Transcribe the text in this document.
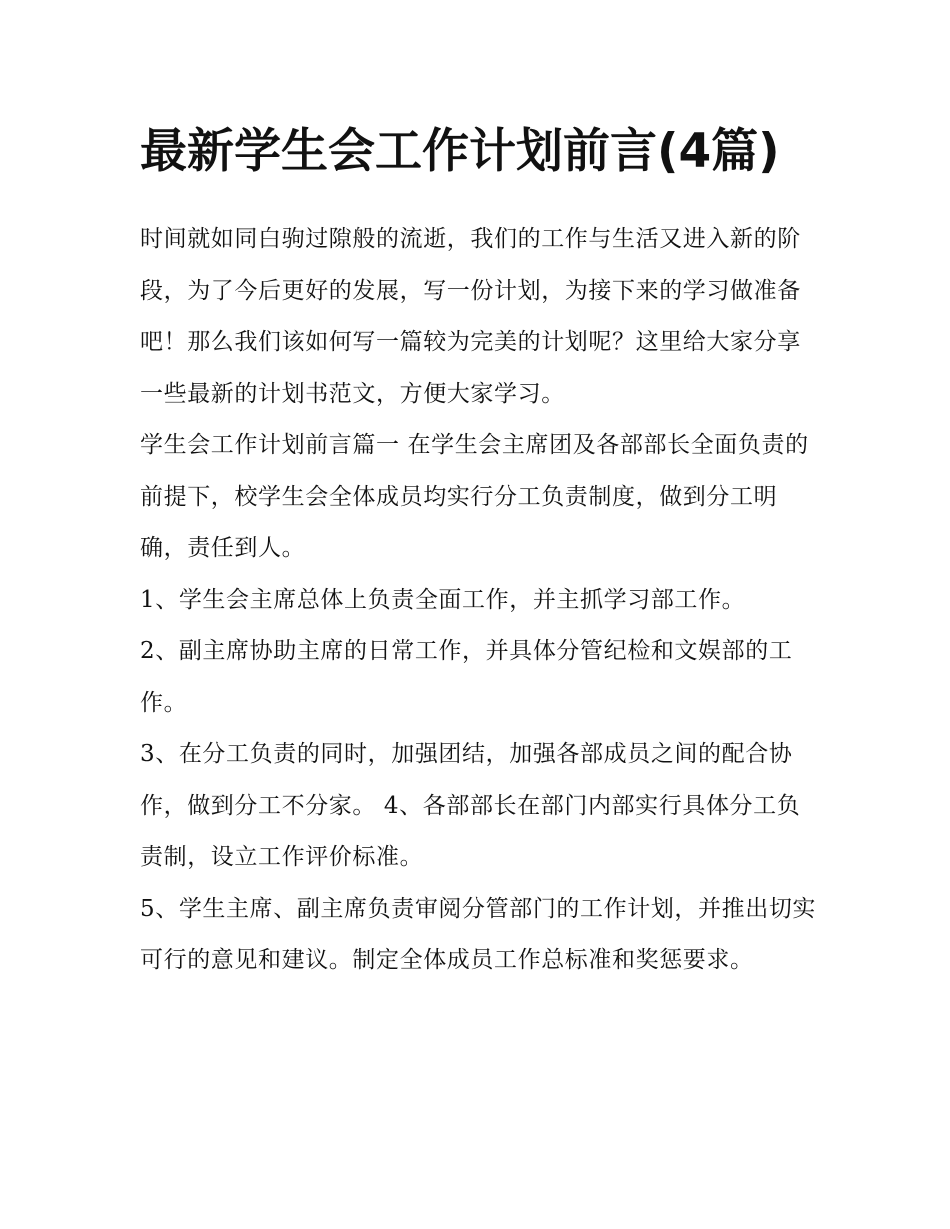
最新学生会工作计划前言(4篇)

时间就如同白驹过隙般的流逝，我们的工作与生活又进入新的阶段，为了今后更好的发展，写一份计划，为接下来的学习做准备吧！那么我们该如何写一篇较为完美的计划呢？这里给大家分享一些最新的计划书范文，方便大家学习。

学生会工作计划前言篇一 在学生会主席团及各部部长全面负责的前提下，校学生会全体成员均实行分工负责制度，做到分工明确，责任到人。

1、学生会主席总体上负责全面工作，并主抓学习部工作。

2、副主席协助主席的日常工作，并具体分管纪检和文娱部的工作。

3、在分工负责的同时，加强团结，加强各部成员之间的配合协作，做到分工不分家。 4、各部部长在部门内部实行具体分工负责制，设立工作评价标准。

5、学生主席、副主席负责审阅分管部门的工作计划，并推出切实可行的意见和建议。制定全体成员工作总标准和奖惩要求。
